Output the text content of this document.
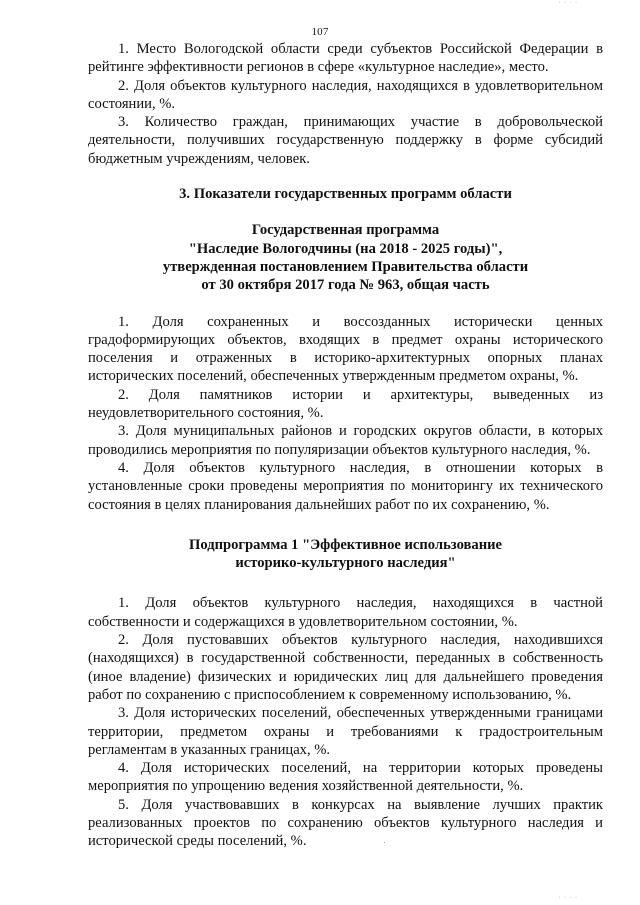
· · · ·
107

1. Место Вологодской области среди субъектов Российской Федерации в рейтинге эффективности регионов в сфере «культурное наследие», место.

2. Доля объектов культурного наследия, находящихся в удовлетворительном состоянии, %.

3. Количество граждан, принимающих участие в добровольческой деятельности, получивших государственную поддержку в форме субсидий бюджетным учреждениям, человек.

3. Показатели государственных программ области

Государственная программа
"Наследие Вологодчины (на 2018 - 2025 годы)",
утвержденная постановлением Правительства области
от 30 октября 2017 года № 963, общая часть

1. Доля сохраненных и воссозданных исторически ценных градоформирующих объектов, входящих в предмет охраны исторического поселения и отраженных в историко-архитектурных опорных планах исторических поселений, обеспеченных утвержденным предметом охраны, %.

2. Доля памятников истории и архитектуры, выведенных из неудовлетворительного состояния, %.

3. Доля муниципальных районов и городских округов области, в которых проводились мероприятия по популяризации объектов культурного наследия, %.

4. Доля объектов культурного наследия, в отношении которых в установленные сроки проведены мероприятия по мониторингу их технического состояния в целях планирования дальнейших работ по их сохранению, %.

Подпрограмма 1 "Эффективное использование
историко-культурного наследия"

1. Доля объектов культурного наследия, находящихся в частной собственности и содержащихся в удовлетворительном состоянии, %.

2. Доля пустовавших объектов культурного наследия, находившихся (находящихся) в государственной собственности, переданных в собственность (иное владение) физических и юридических лиц для дальнейшего проведения работ по сохранению с приспособлением к современному использованию, %.

3. Доля исторических поселений, обеспеченных утвержденными границами территории, предметом охраны и требованиями к градостроительным регламентам в указанных границах, %.

4. Доля исторических поселений, на территории которых проведены мероприятия по упрощению ведения хозяйственной деятельности, %.

5. Доля участвовавших в конкурсах на выявление лучших практик реализованных проектов по сохранению объектов культурного наследия и исторической среды поселений, %.

· · · ·
